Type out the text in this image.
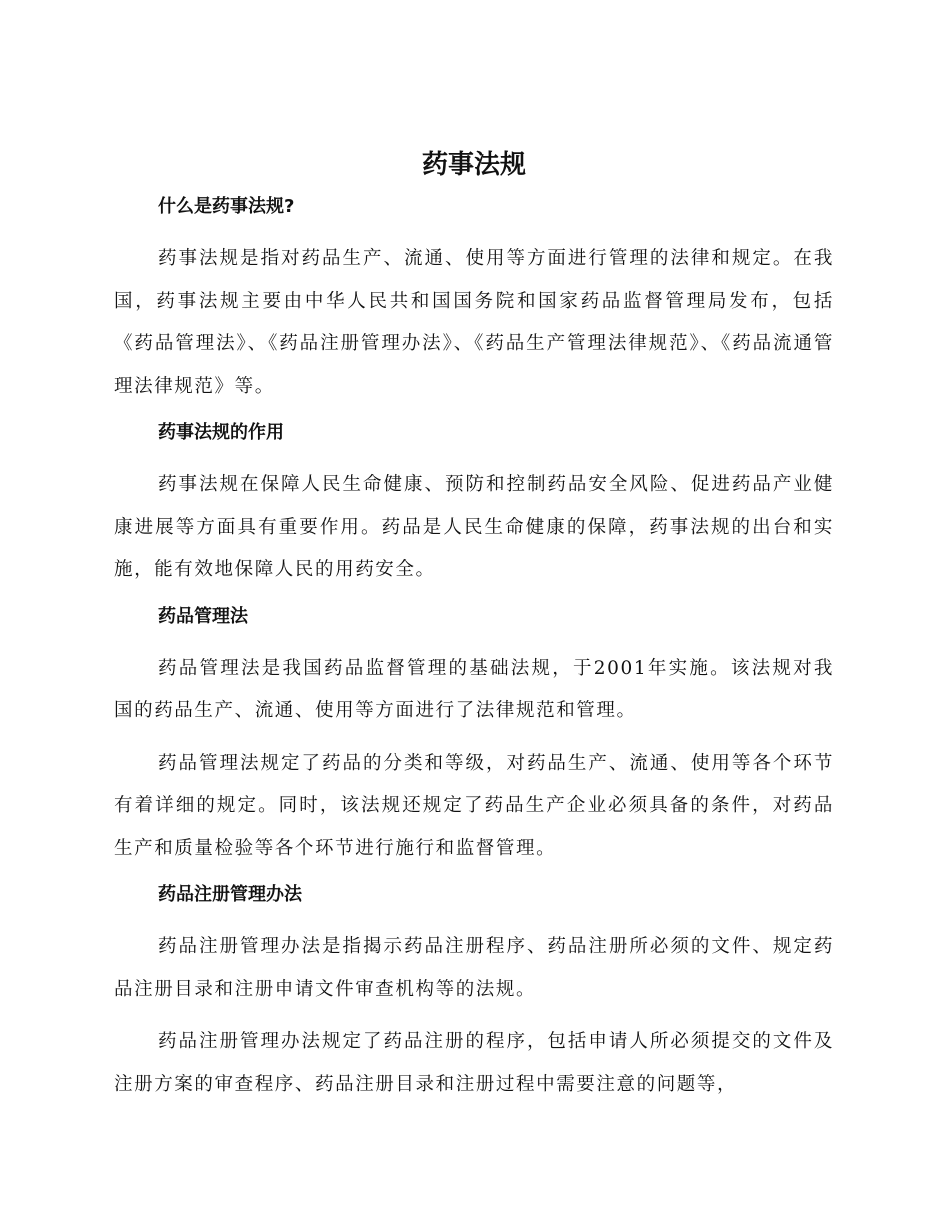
药事法规
什么是药事法规?

药事法规是指对药品生产、流通、使用等方面进行管理的法律和规定。在我国，药事法规主要由中华人民共和国国务院和国家药品监督管理局发布，包括《药品管理法》、《药品注册管理办法》、《药品生产管理法律规范》、《药品流通管理法律规范》等。

药事法规的作用

药事法规在保障人民生命健康、预防和控制药品安全风险、促进药品产业健康进展等方面具有重要作用。药品是人民生命健康的保障，药事法规的出台和实施，能有效地保障人民的用药安全。

药品管理法

药品管理法是我国药品监督管理的基础法规，于2001年实施。该法规对我国的药品生产、流通、使用等方面进行了法律规范和管理。

药品管理法规定了药品的分类和等级，对药品生产、流通、使用等各个环节有着详细的规定。同时，该法规还规定了药品生产企业必须具备的条件，对药品生产和质量检验等各个环节进行施行和监督管理。

药品注册管理办法

药品注册管理办法是指揭示药品注册程序、药品注册所必须的文件、规定药品注册目录和注册申请文件审查机构等的法规。

药品注册管理办法规定了药品注册的程序，包括申请人所必须提交的文件及注册方案的审查程序、药品注册目录和注册过程中需要注意的问题等，
